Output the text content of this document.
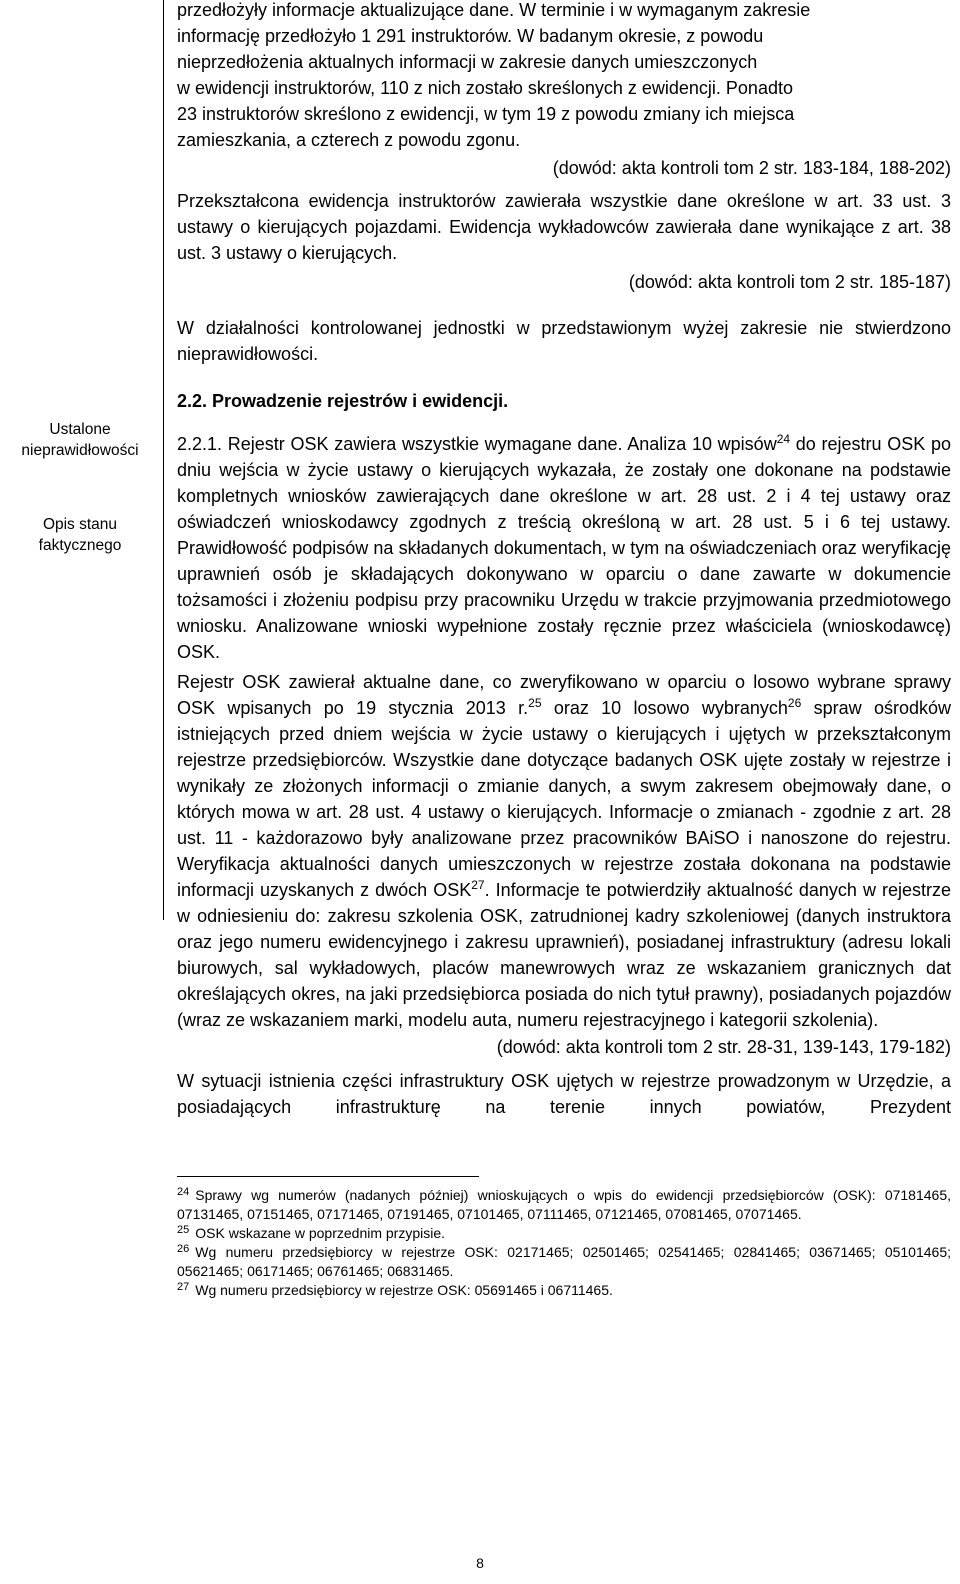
Ustalone
nieprawidłowości
Opis stanu
faktycznego

przedłożyły informacje aktualizujące dane. W terminie i w wymaganym zakresie

informację przedłożyło 1 291 instruktorów. W badanym okresie, z powodu

nieprzedłożenia aktualnych informacji w zakresie danych umieszczonych

w ewidencji instruktorów, 110 z nich zostało skreślonych z ewidencji. Ponadto

23 instruktorów skreślono z ewidencji, w tym 19 z powodu zmiany ich miejsca

zamieszkania, a czterech z powodu zgonu.

(dowód: akta kontroli tom 2 str. 183-184, 188-202)

Przekształcona ewidencja instruktorów zawierała wszystkie dane określone w art. 33 ust. 3 ustawy o kierujących pojazdami. Ewidencja wykładowców zawierała dane wynikające z art. 38 ust. 3 ustawy o kierujących.

(dowód: akta kontroli tom 2 str. 185-187)

W działalności kontrolowanej jednostki w przedstawionym wyżej zakresie nie stwierdzono nieprawidłowości.

2.2. Prowadzenie rejestrów i ewidencji.

2.2.1. Rejestr OSK zawiera wszystkie wymagane dane. Analiza 10 wpisów$^{24}$ do rejestru OSK po dniu wejścia w życie ustawy o kierujących wykazała, że zostały one dokonane na podstawie kompletnych wniosków zawierających dane określone w art. 28 ust. 2 i 4 tej ustawy oraz oświadczeń wnioskodawcy zgodnych z treścią określoną w art. 28 ust. 5 i 6 tej ustawy. Prawidłowość podpisów na składanych dokumentach, w tym na oświadczeniach oraz weryfikację uprawnień osób je składających dokonywano w oparciu o dane zawarte w dokumencie tożsamości i złożeniu podpisu przy pracowniku Urzędu w trakcie przyjmowania przedmiotowego wniosku. Analizowane wnioski wypełnione zostały ręcznie przez właściciela (wnioskodawcę) OSK.

Rejestr OSK zawierał aktualne dane, co zweryfikowano w oparciu o losowo wybrane sprawy OSK wpisanych po 19 stycznia 2013 r.$^{25}$ oraz 10 losowo wybranych$^{26}$ spraw ośrodków istniejących przed dniem wejścia w życie ustawy o kierujących i ujętych w przekształconym rejestrze przedsiębiorców. Wszystkie dane dotyczące badanych OSK ujęte zostały w rejestrze i wynikały ze złożonych informacji o zmianie danych, a swym zakresem obejmowały dane, o których mowa w art. 28 ust. 4 ustawy o kierujących. Informacje o zmianach - zgodnie z art. 28 ust. 11 - każdorazowo były analizowane przez pracowników BAiSO i nanoszone do rejestru. Weryfikacja aktualności danych umieszczonych w rejestrze została dokonana na podstawie informacji uzyskanych z dwóch OSK$^{27}$. Informacje te potwierdziły aktualność danych w rejestrze w odniesieniu do: zakresu szkolenia OSK, zatrudnionej kadry szkoleniowej (danych instruktora oraz jego numeru ewidencyjnego i zakresu uprawnień), posiadanej infrastruktury (adresu lokali biurowych, sal wykładowych, placów manewrowych wraz ze wskazaniem granicznych dat określających okres, na jaki przedsiębiorca posiada do nich tytuł prawny), posiadanych pojazdów (wraz ze wskazaniem marki, modelu auta, numeru rejestracyjnego i kategorii szkolenia).

(dowód: akta kontroli tom 2 str. 28-31, 139-143, 179-182)

W sytuacji istnienia części infrastruktury OSK ujętych w rejestrze prowadzonym w Urzędzie, a posiadających infrastrukturę na terenie innych powiatów, Prezydent

$^{24}$ Sprawy wg numerów (nadanych później) wnioskujących o wpis do ewidencji przedsiębiorców (OSK): 07181465, 07131465, 07151465, 07171465, 07191465, 07101465, 07111465, 07121465, 07081465, 07071465.

$^{25}$ OSK wskazane w poprzednim przypisie.

$^{26}$ Wg numeru przedsiębiorcy w rejestrze OSK: 02171465; 02501465; 02541465; 02841465; 03671465; 05101465; 05621465; 06171465; 06761465; 06831465.

$^{27}$ Wg numeru przedsiębiorcy w rejestrze OSK: 05691465 i 06711465.

8
